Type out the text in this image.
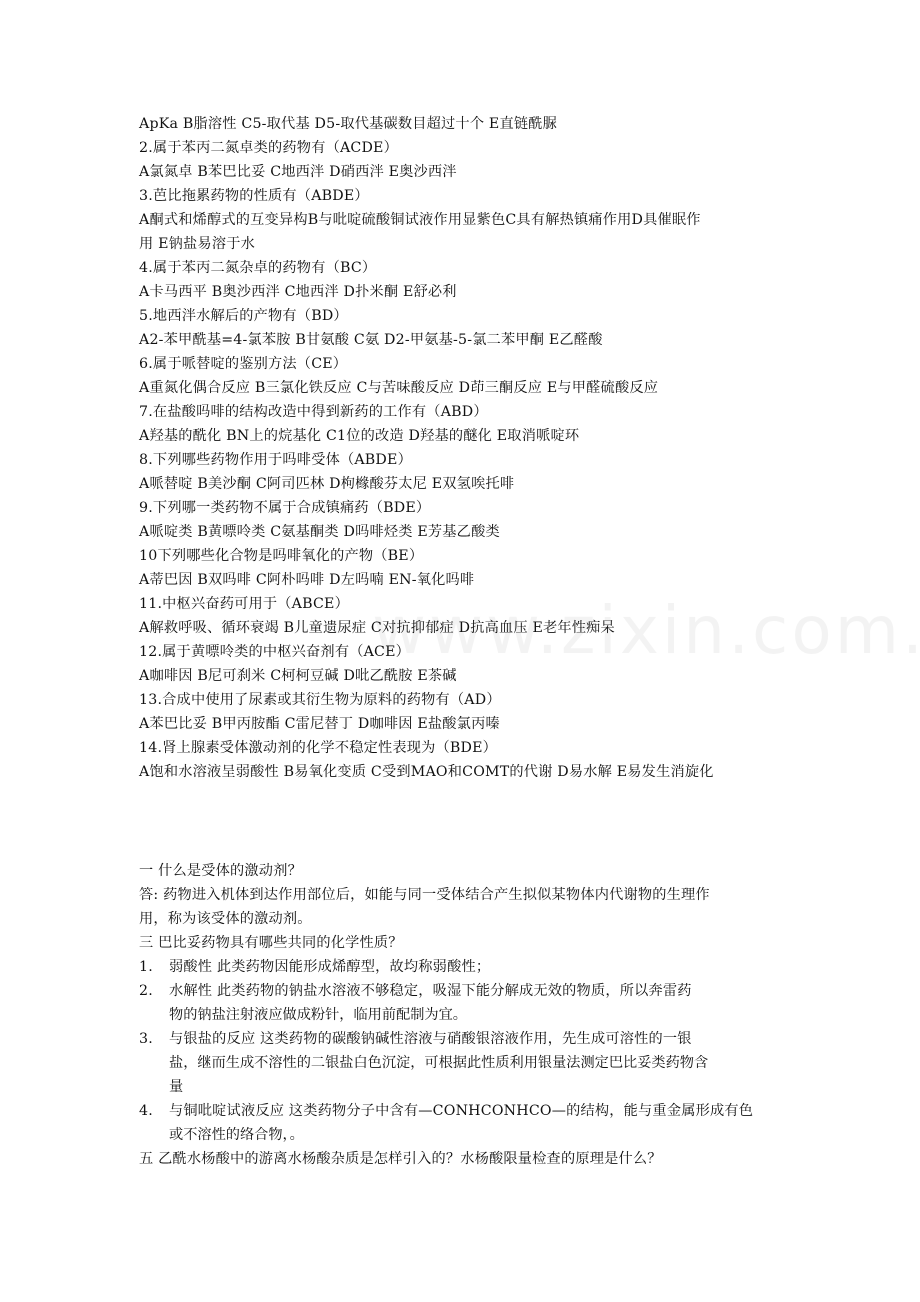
ApKa B脂溶性 C5-取代基 D5-取代基碳数目超过十个 E直链酰脲
2.属于苯丙二氮卓类的药物有（ACDE）
A氯氮卓 B苯巴比妥 C地西泮 D硝西泮 E奥沙西泮
3.芭比拖累药物的性质有（ABDE）
A酮式和烯醇式的互变异构B与吡啶硫酸铜试液作用显紫色C具有解热镇痛作用D具催眠作
用 E钠盐易溶于水
4.属于苯丙二氮杂卓的药物有（BC）
A卡马西平 B奥沙西泮 C地西泮 D扑米酮 E舒必利
5.地西泮水解后的产物有（BD）
A2-苯甲酰基=4-氯苯胺 B甘氨酸 C氨 D2-甲氨基-5-氯二苯甲酮 E乙醛酸
6.属于哌替啶的鉴别方法（CE）
A重氮化偶合反应 B三氯化铁反应 C与苦味酸反应 D茚三酮反应 E与甲醛硫酸反应
7.在盐酸吗啡的结构改造中得到新药的工作有（ABD）
A羟基的酰化 BN上的烷基化 C1位的改造 D羟基的醚化 E取消哌啶环
8.下列哪些药物作用于吗啡受体（ABDE）
A哌替啶 B美沙酮 C阿司匹林 D枸橼酸芬太尼 E双氢唉托啡
9.下列哪一类药物不属于合成镇痛药（BDE）
A哌啶类 B黄嘌呤类 C氨基酮类 D吗啡烃类 E芳基乙酸类
10下列哪些化合物是吗啡氧化的产物（BE）
A蒂巴因 B双吗啡 C阿朴吗啡 D左吗喃 EN-氧化吗啡
11.中枢兴奋药可用于（ABCE）
A解救呼吸、循环衰竭 B儿童遗尿症 C对抗抑郁症 D抗高血压 E老年性痴呆
12.属于黄嘌呤类的中枢兴奋剂有（ACE）
A咖啡因 B尼可刹米 C柯柯豆碱 D吡乙酰胺 E茶碱
13.合成中使用了尿素或其衍生物为原料的药物有（AD）
A苯巴比妥 B甲丙胺酯 C雷尼替丁 D咖啡因 E盐酸氯丙嗪
14.肾上腺素受体激动剂的化学不稳定性表现为（BDE）
A饱和水溶液呈弱酸性 B易氧化变质 C受到MAO和COMT的代谢 D易水解 E易发生消旋化
一 什么是受体的激动剂？
答: 药物进入机体到达作用部位后，如能与同一受体结合产生拟似某物体内代谢物的生理作
用，称为该受体的激动剂。
三 巴比妥药物具有哪些共同的化学性质？
1. 弱酸性 此类药物因能形成烯醇型，故均称弱酸性；
2. 水解性 此类药物的钠盐水溶液不够稳定，吸湿下能分解成无效的物质，所以奔雷药
物的钠盐注射液应做成粉针，临用前配制为宜。
3. 与银盐的反应 这类药物的碳酸钠碱性溶液与硝酸银溶液作用，先生成可溶性的一银
盐，继而生成不溶性的二银盐白色沉淀，可根据此性质利用银量法测定巴比妥类药物含
量
4. 与铜吡啶试液反应 这类药物分子中含有—CONHCONHCO—的结构，能与重金属形成有色
或不溶性的络合物，。
五 乙酰水杨酸中的游离水杨酸杂质是怎样引入的？水杨酸限量检查的原理是什么？
